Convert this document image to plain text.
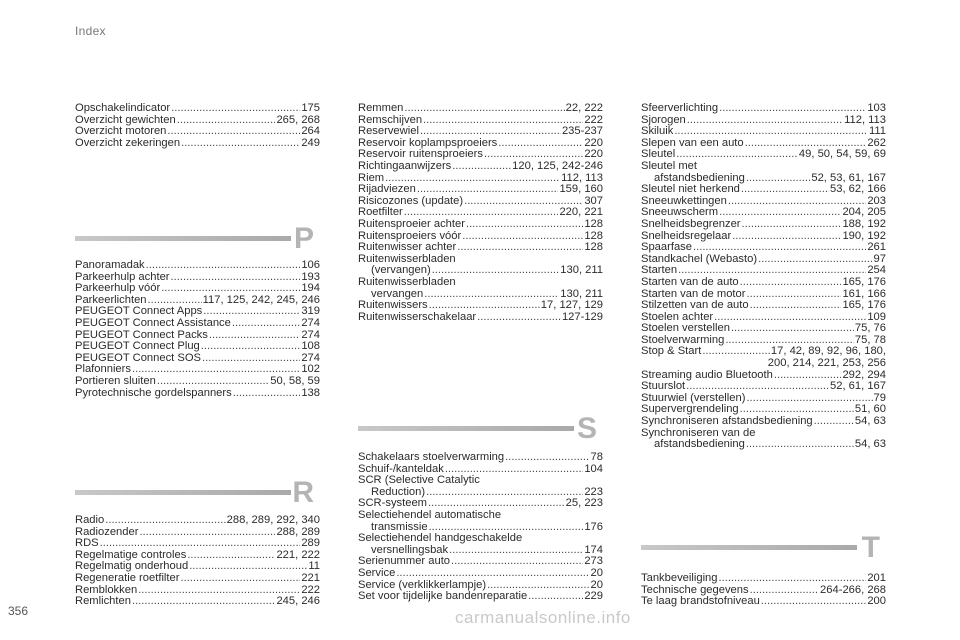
Index
Opschakelindicator .....	175
Overzicht gewichten .....	265, 268
Overzicht motoren .....	264
Overzicht zekeringen .....	249
P
Panoramadak .....	106
Parkeerhulp achter .....	193
Parkeerhulp vóór .....	194
Parkeerlichten .....	117, 125, 242, 245, 246
PEUGEOT Connect Apps .....	319
PEUGEOT Connect Assistance .....	274
PEUGEOT Connect Packs .....	274
PEUGEOT Connect Plug .....	108
PEUGEOT Connect SOS .....	274
Plafonniers .....	102
Portieren sluiten .....	50, 58, 59
Pyrotechnische gordelspanners .....	138
R
Radio .....	288, 289, 292, 340
Radiozender .....	288, 289
RDS .....	289
Regelmatige controles .....	221, 222
Regelmatig onderhoud .....	11
Regeneratie roetfilter .....	221
Remblokken .....	222
Remlichten .....	245, 246
Remmen .....	22, 222
Remschijven .....	222
Reservewiel .....	235-237
Reservoir koplampsproeiers .....	220
Reservoir ruitensproeiers .....	220
Richtingaanwijzers .....	120, 125, 242-246
Riem .....	112, 113
Rijadviezen .....	159, 160
Risicozones (update) .....	307
Roetfilter .....	220, 221
Ruitensproeier achter .....	128
Ruitensproeiers vóór .....	128
Ruitenwisser achter .....	128
Ruitenwisserbladen
(vervangen) .....	130, 211
Ruitenwisserbladen
vervangen .....	130, 211
Ruitenwissers .....	17, 127, 129
Ruitenwisserschakelaar .....	127-129
S
Schakelaars stoelverwarming .....	78
Schuif-/kanteldak .....	104
SCR (Selective Catalytic
Reduction) .....	223
SCR-systeem .....	25, 223
Selectiehendel automatische
transmissie .....	176
Selectiehendel handgeschakelde
versnellingsbak .....	174
Serienummer auto .....	273
Service .....	20
Service (verklikkerlampje) .....	20
Set voor tijdelijke bandenreparatie .....	229
Sfeerverlichting .....	103
Sjorogen .....	112, 113
Skiluik .....	111
Slepen van een auto .....	262
Sleutel .....	49, 50, 54, 59, 69
Sleutel met
afstandsbediening .....	52, 53, 61, 167
Sleutel niet herkend .....	53, 62, 166
Sneeuwkettingen .....	203
Sneeuwscherm .....	204, 205
Snelheidsbegrenzer .....	188, 192
Snelheidsregelaar .....	190, 192
Spaarfase .....	261
Standkachel (Webasto) .....	97
Starten .....	254
Starten van de auto .....	165, 176
Starten van de motor .....	161, 166
Stilzetten van de auto .....	165, 176
Stoelen achter .....	109
Stoelen verstellen .....	75, 76
Stoelverwarming .....	75, 78
Stop & Start .....	17, 42, 89, 92, 96, 180,
200, 214, 221, 253, 256
Streaming audio Bluetooth .....	292, 294
Stuurslot .....	52, 61, 167
Stuurwiel (verstellen) .....	79
Supervergrendeling .....	51, 60
Synchroniseren afstandsbediening .....	54, 63
Synchroniseren van de
afstandsbediening .....	54, 63
T
Tankbeveiliging .....	201
Technische gegevens .....	264-266, 268
Te laag brandstofniveau .....	200
356	carmanualsonline.info
